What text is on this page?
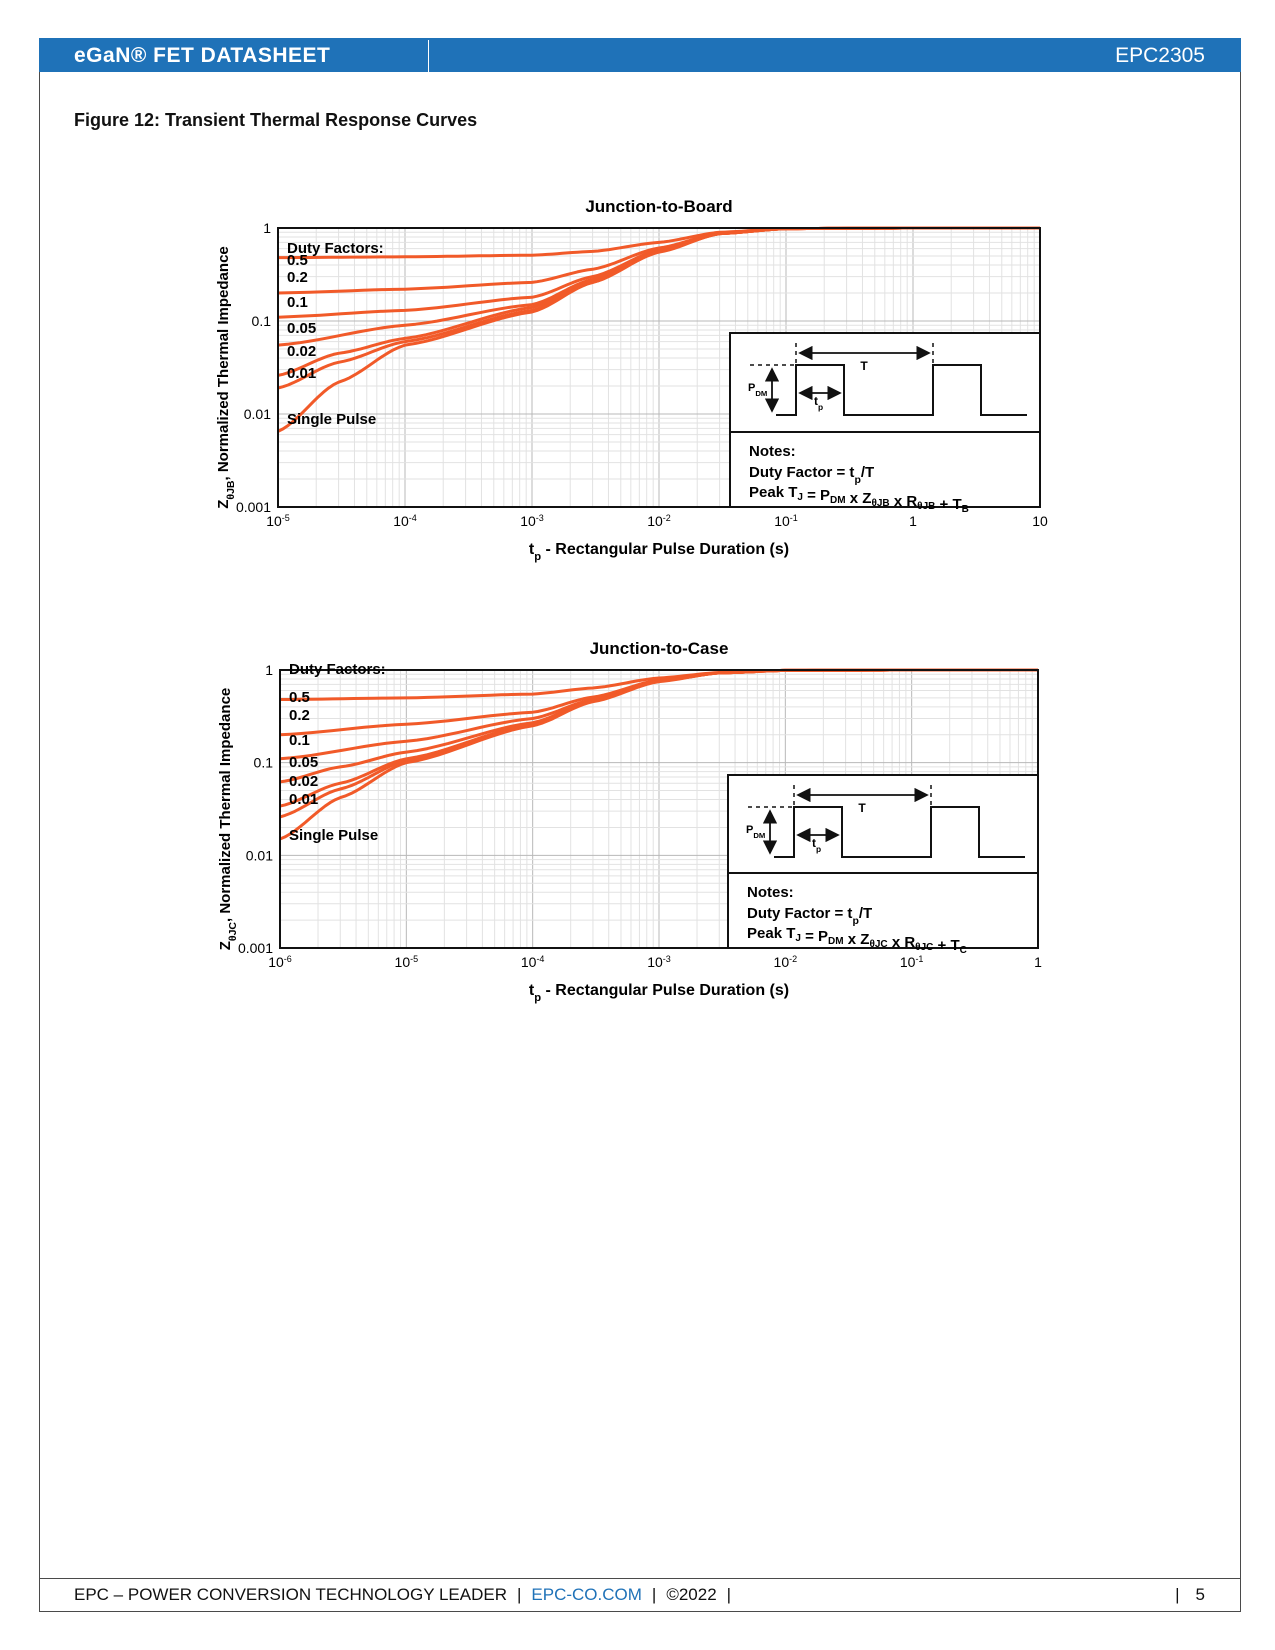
eGaN® FET DATASHEET	EPC2305
Figure 12: Transient Thermal Response Curves
Junction-to-Board
1
0.1
0.01
0.001
$10^{-5}$	$10^{-4}$	$10^{-3}$	$10^{-2}$	$10^{-1}$	1	10
$t_p$ - Rectangular Pulse Duration (s)
$Z_{\theta JB}$, Normalized Thermal Impedance	Duty Factors:
0.5
0.2
0.1
0.05
0.02
0.01
Single Pulse
T
$P_{DM}$
$t_p$
Notes:
Duty Factor = $t_p/T$
Peak $T_J = P_{DM}$ x $Z_{\theta JB}$ x $R_{\theta JB} + T_B$
Junction-to-Case
1
0.1
0.01
0.001
$10^{-6}$	$10^{-5}$	$10^{-4}$	$10^{-3}$	$10^{-2}$	$10^{-1}$	1
$t_p$ - Rectangular Pulse Duration (s)
$Z_{\theta JC}$, Normalized Thermal Impedance
Duty Factors:
0.5
0.2
0.1
0.05
0.02
0.01
Single Pulse
T
$P_{DM}$
$t_p$
Notes:
Duty Factor = $t_p/T$
Peak $T_J = P_{DM}$ x $Z_{\theta JC}$ x $R_{\theta JC} + T_C$
EPC – POWER CONVERSION TECHNOLOGY LEADER | EPC-CO.COM | ©2022 |	| 5
